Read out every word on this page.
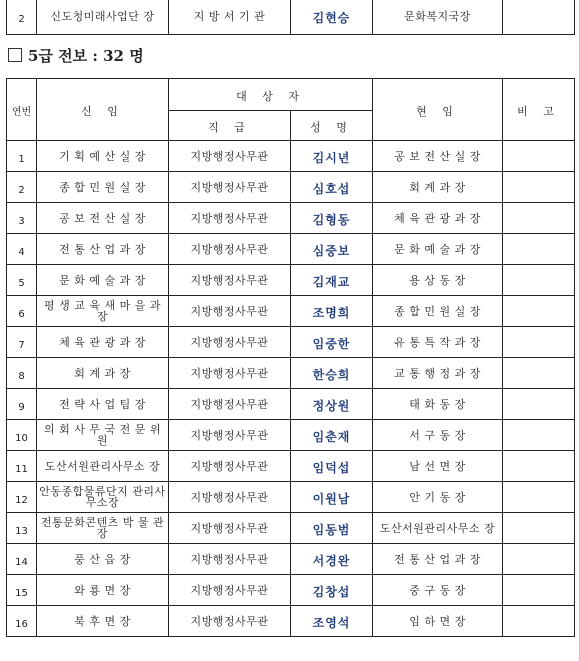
2	신도청미래사업단 장	지 방 서 기 관	김현승	문화복지국장

5급 전보 : 32 명
연번	신 임	대 상 자		현 임	비 고
		직 급	성 명		
1	기 획 예 산 실 장	지방행정사무관	김시년	공 보 전 산 실 장	

2	종 합 민 원 실 장	지방행정사무관	심호섭	회 계 과 장	

3	공 보 전 산 실 장	지방행정사무관	김형동	체 육 관 광 과 장	

4	전 통 산 업 과 장	지방행정사무관	심중보	문 화 예 술 과 장	

5	문 화 예 술 과 장	지방행정사무관	김재교	용 상 동 장	

6	평 생 교 육 새 마 을 과 장	지방행정사무관	조명희	종 합 민 원 실 장	

7	체 육 관 광 과 장	지방행정사무관	임중한	유 통 특 작 과 장	

8	회 계 과 장	지방행정사무관	한승희	교 통 행 정 과 장	

9	전 략 사 업 팀 장	지방행정사무관	정상원	태 화 동 장	

10	의 회 사 무 국 전 문 위 원	지방행정사무관	임춘재	서 구 동 장	

11	도산서원관리사무소 장	지방행정사무관	임덕섭	남 선 면 장	

12	안동종합물류단지 관리사무소장	지방행정사무관	이원남	안 기 동 장	

13	전통문화콘텐츠 박 물 관 장	지방행정사무관	임동범	도산서원관리사무소 장	

14	풍 산 읍 장	지방행정사무관	서경완	전 통 산 업 과 장	

15	와 룡 면 장	지방행정사무관	김창섭	중 구 동 장	

16	북 후 면 장	지방행정사무관	조영석	임 하 면 장	
